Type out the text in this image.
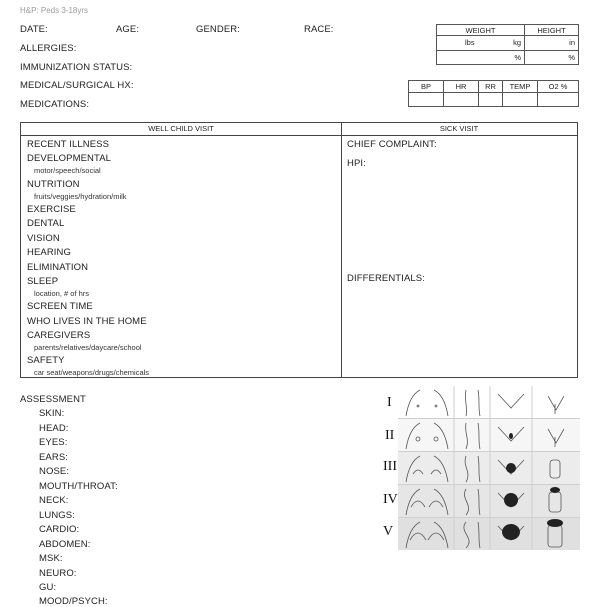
H&P: Peds 3-18yrs
DATE:	AGE:	GENDER:	RACE:
ALLERGIES:
IMMUNIZATION STATUS:
MEDICAL/SURGICAL HX:
MEDICATIONS:
WEIGHT	HEIGHT

lbs kg	in

%	%
BP	HR	RR	TEMP	O2 %

WELL CHILD VISIT	SICK VISIT
RECENT ILLNESS
DEVELOPMENTAL
motor/speech/social
NUTRITION
fruits/veggies/hydration/milk
EXERCISE
DENTAL
VISION
HEARING
ELIMINATION
SLEEP
location, # of hrs
SCREEN TIME
WHO LIVES IN THE HOME
CAREGIVERS
parents/relatives/daycare/school
SAFETY
car seat/weapons/drugs/chemicals
CHIEF COMPLAINT:
HPI:
DIFFERENTIALS:
ASSESSMENT
SKIN:
HEAD:
EYES:
EARS:
NOSE:
MOUTH/THROAT:
NECK:
LUNGS:
CARDIO:
ABDOMEN:
MSK:
NEURO:
GU:
MOOD/PSYCH:
I
II
III
IV
V
